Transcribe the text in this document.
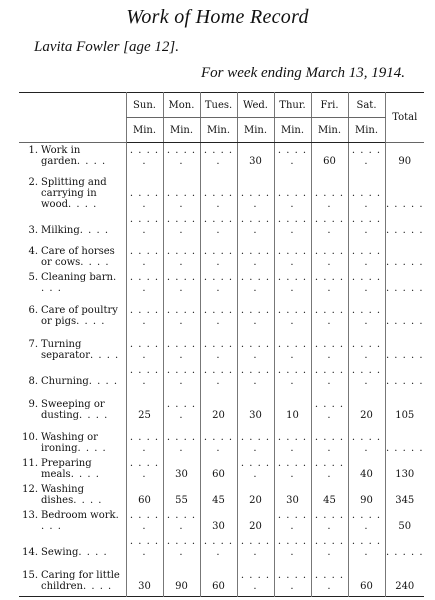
Work of Home Record
Lavita Fowler [age 12].
For week ending March 13, 1914.
	Sun.	Mon.	Tues.	Wed.	Thur.	Fri.	Sat.	Total
	Min.	Min.	Min.	Min.	Min.	Min.	Min.	

1. Work in garden. . . .	. . . . .	. . . . .	. . . . .	30	. . . . .	60	. . . . .	90

2. Splitting and carrying in wood. . . .	. . . . .	. . . . .	. . . . .	. . . . .	. . . . .	. . . . .	. . . . .	. . . . .

3. Milking. . . .	. . . . .	. . . . .	. . . . .	. . . . .	. . . . .	. . . . .	. . . . .	. . . . .

4. Care of horses or cows. . . .	. . . . .	. . . . .	. . . . .	. . . . .	. . . . .	. . . . .	. . . . .	. . . . .

5. Cleaning barn. . . .	. . . . .	. . . . .	. . . . .	. . . . .	. . . . .	. . . . .	. . . . .	. . . . .

6. Care of poultry or pigs. . . .	. . . . .	. . . . .	. . . . .	. . . . .	. . . . .	. . . . .	. . . . .	. . . . .

7. Turning separator. . . .	. . . . .	. . . . .	. . . . .	. . . . .	. . . . .	. . . . .	. . . . .	. . . . .

8. Churning. . . .	. . . . .	. . . . .	. . . . .	. . . . .	. . . . .	. . . . .	. . . . .	. . . . .

9. Sweeping or dusting. . . .	25	. . . . .	20	30	10	. . . . .	20	105

10. Washing or ironing. . . .	. . . . .	. . . . .	. . . . .	. . . . .	. . . . .	. . . . .	. . . . .	. . . . .

11. Preparing meals. . . .	. . . . .	30	60	. . . . .	. . . . .	. . . . .	40	130

12. Washing dishes. . . .	60	55	45	20	30	45	90	345

13. Bedroom work. . . .	. . . . .	. . . . .	30	20	. . . . .	. . . . .	. . . . .	50

14. Sewing. . . .	. . . . .	. . . . .	. . . . .	. . . . .	. . . . .	. . . . .	. . . . .	. . . . .

15. Caring for little children. . . .	30	90	60	. . . . .	. . . . .	. . . . .	60	240
